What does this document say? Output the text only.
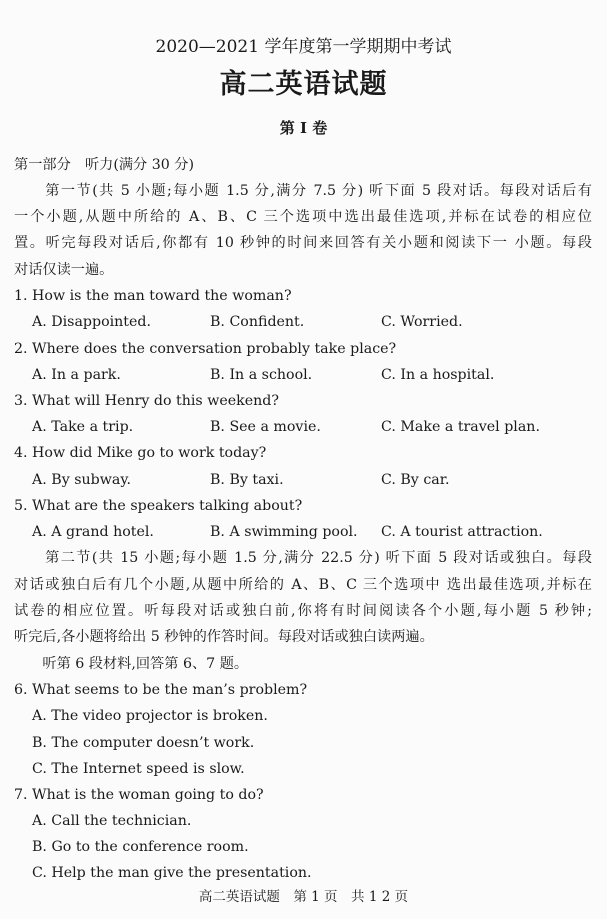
2020—2021 学年度第一学期期中考试
高二英语试题
第 Ⅰ 卷
第一部分　听力(满分 30 分)
　　第一节(共 5 小题;每小题 1.5 分,满分 7.5 分) 听下面 5 段对话。每段对话后有
一个小题,从题中所给的 A、B、C 三个选项中选出最佳选项,并标在试卷的相应位
置。听完每段对话后,你都有 10 秒钟的时间来回答有关小题和阅读下一 小题。每段
对话仅读一遍。
1. How is the man toward the woman?
A. Disappointed.	B. Confident.	C. Worried.
2. Where does the conversation probably take place?
A. In a park.	B. In a school.	C. In a hospital.
3. What will Henry do this weekend?
A. Take a trip.	B. See a movie.	C. Make a travel plan.
4. How did Mike go to work today?
A. By subway.	B. By taxi.	C. By car.
5. What are the speakers talking about?
A. A grand hotel.	B. A swimming pool. C. A tourist attraction.
　　第二节(共 15 小题;每小题 1.5 分,满分 22.5 分) 听下面 5 段对话或独白。每段
对话或独白后有几个小题,从题中所给的 A、B、C 三个选项中 选出最佳选项,并标在
试卷的相应位置。听每段对话或独白前,你将有时间阅读各个小题,每小题 5 秒钟;
听完后,各小题将给出 5 秒钟的作答时间。每段对话或独白读两遍。
　　听第 6 段材料,回答第 6、7 题。
6. What seems to be the man’s problem?
A. The video projector is broken.
B. The computer doesn’t work.
C. The Internet speed is slow.
7. What is the woman going to do?
A. Call the technician.
B. Go to the conference room.
C. Help the man give the presentation.
高二英语试题　第 1 页　共 1 2 页
